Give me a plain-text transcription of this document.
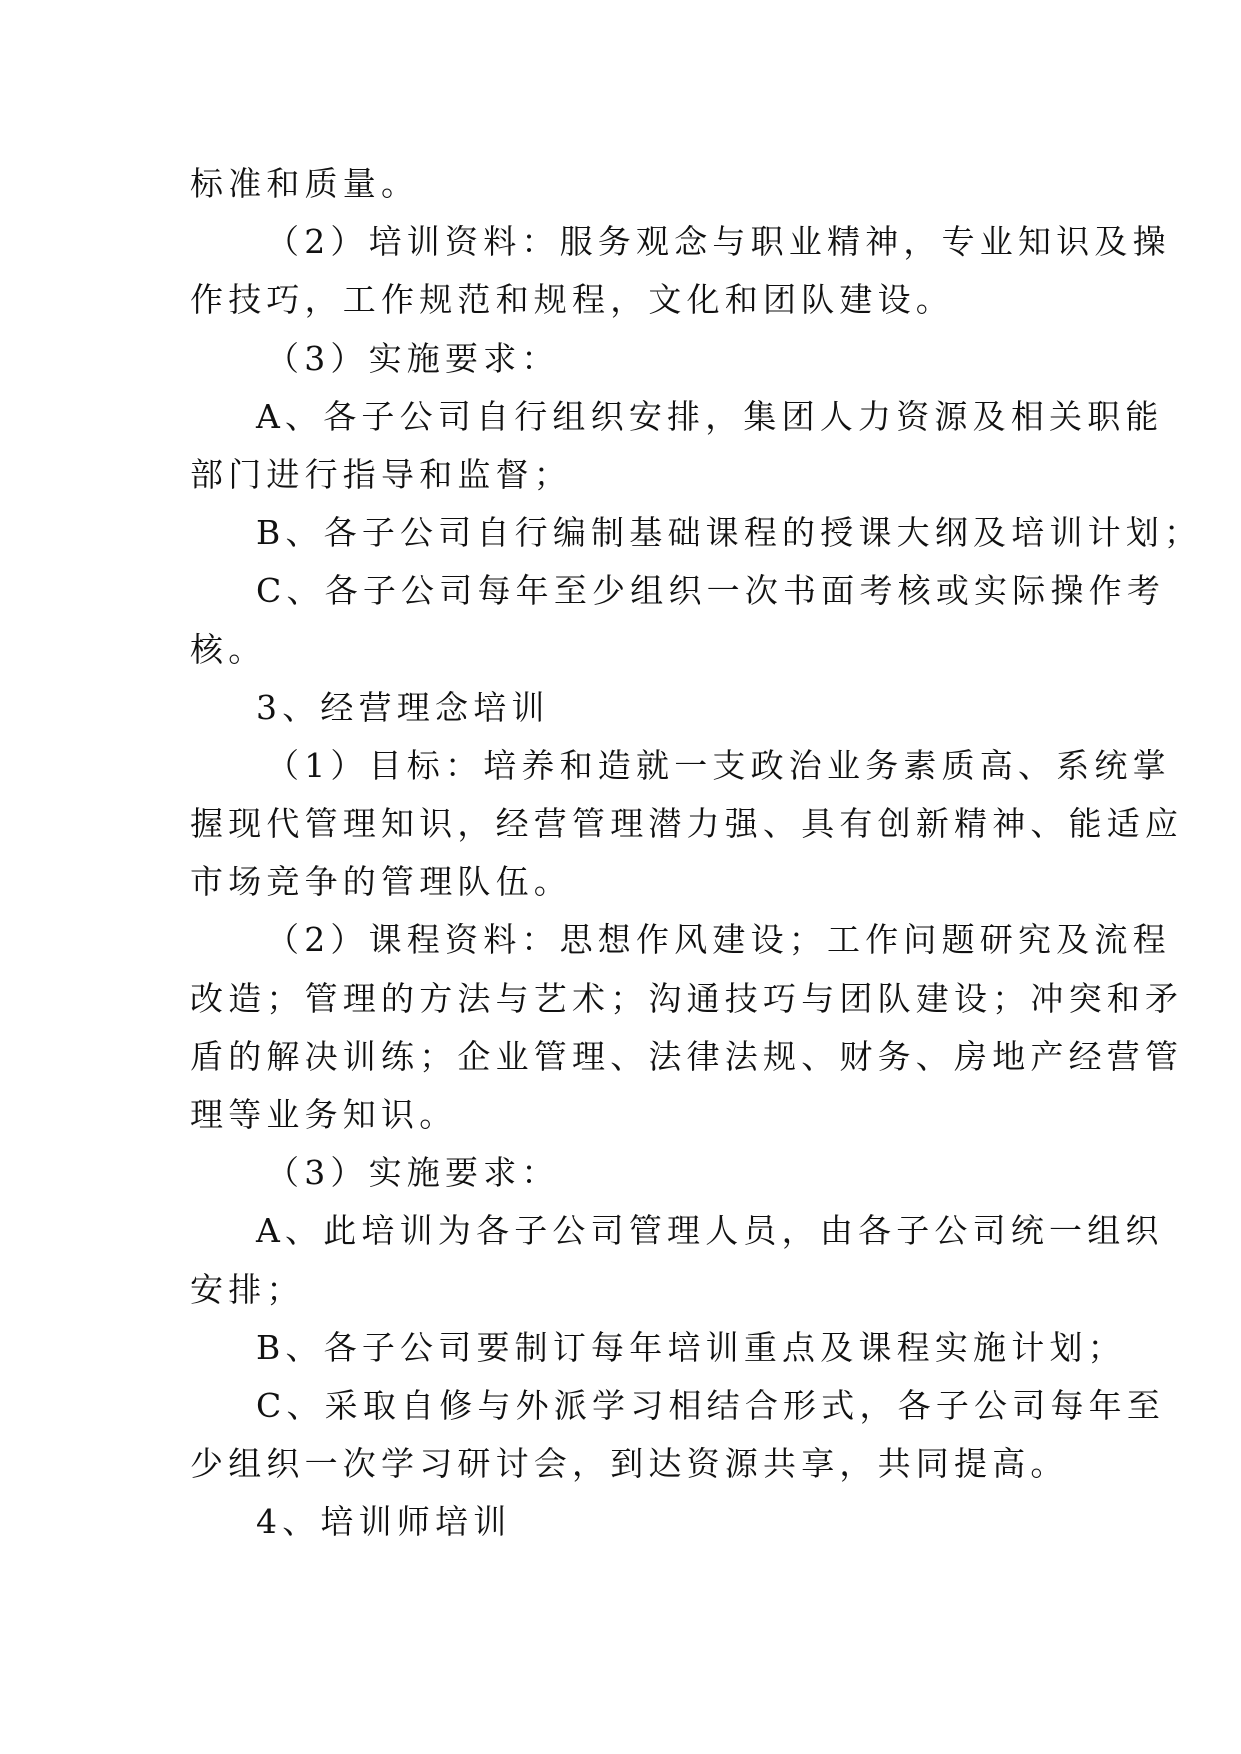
标准和质量。
（2）培训资料：服务观念与职业精神，专业知识及操
作技巧，工作规范和规程，文化和团队建设。
（3）实施要求：
A、各子公司自行组织安排，集团人力资源及相关职能
部门进行指导和监督；
B、各子公司自行编制基础课程的授课大纲及培训计划；
C、各子公司每年至少组织一次书面考核或实际操作考
核。
3、经营理念培训
（1）目标：培养和造就一支政治业务素质高、系统掌
握现代管理知识，经营管理潜力强、具有创新精神、能适应
市场竞争的管理队伍。
（2）课程资料：思想作风建设；工作问题研究及流程
改造；管理的方法与艺术；沟通技巧与团队建设；冲突和矛
盾的解决训练；企业管理、法律法规、财务、房地产经营管
理等业务知识。
（3）实施要求：
A、此培训为各子公司管理人员，由各子公司统一组织
安排；
B、各子公司要制订每年培训重点及课程实施计划；
C、采取自修与外派学习相结合形式，各子公司每年至
少组织一次学习研讨会，到达资源共享，共同提高。
4、培训师培训
